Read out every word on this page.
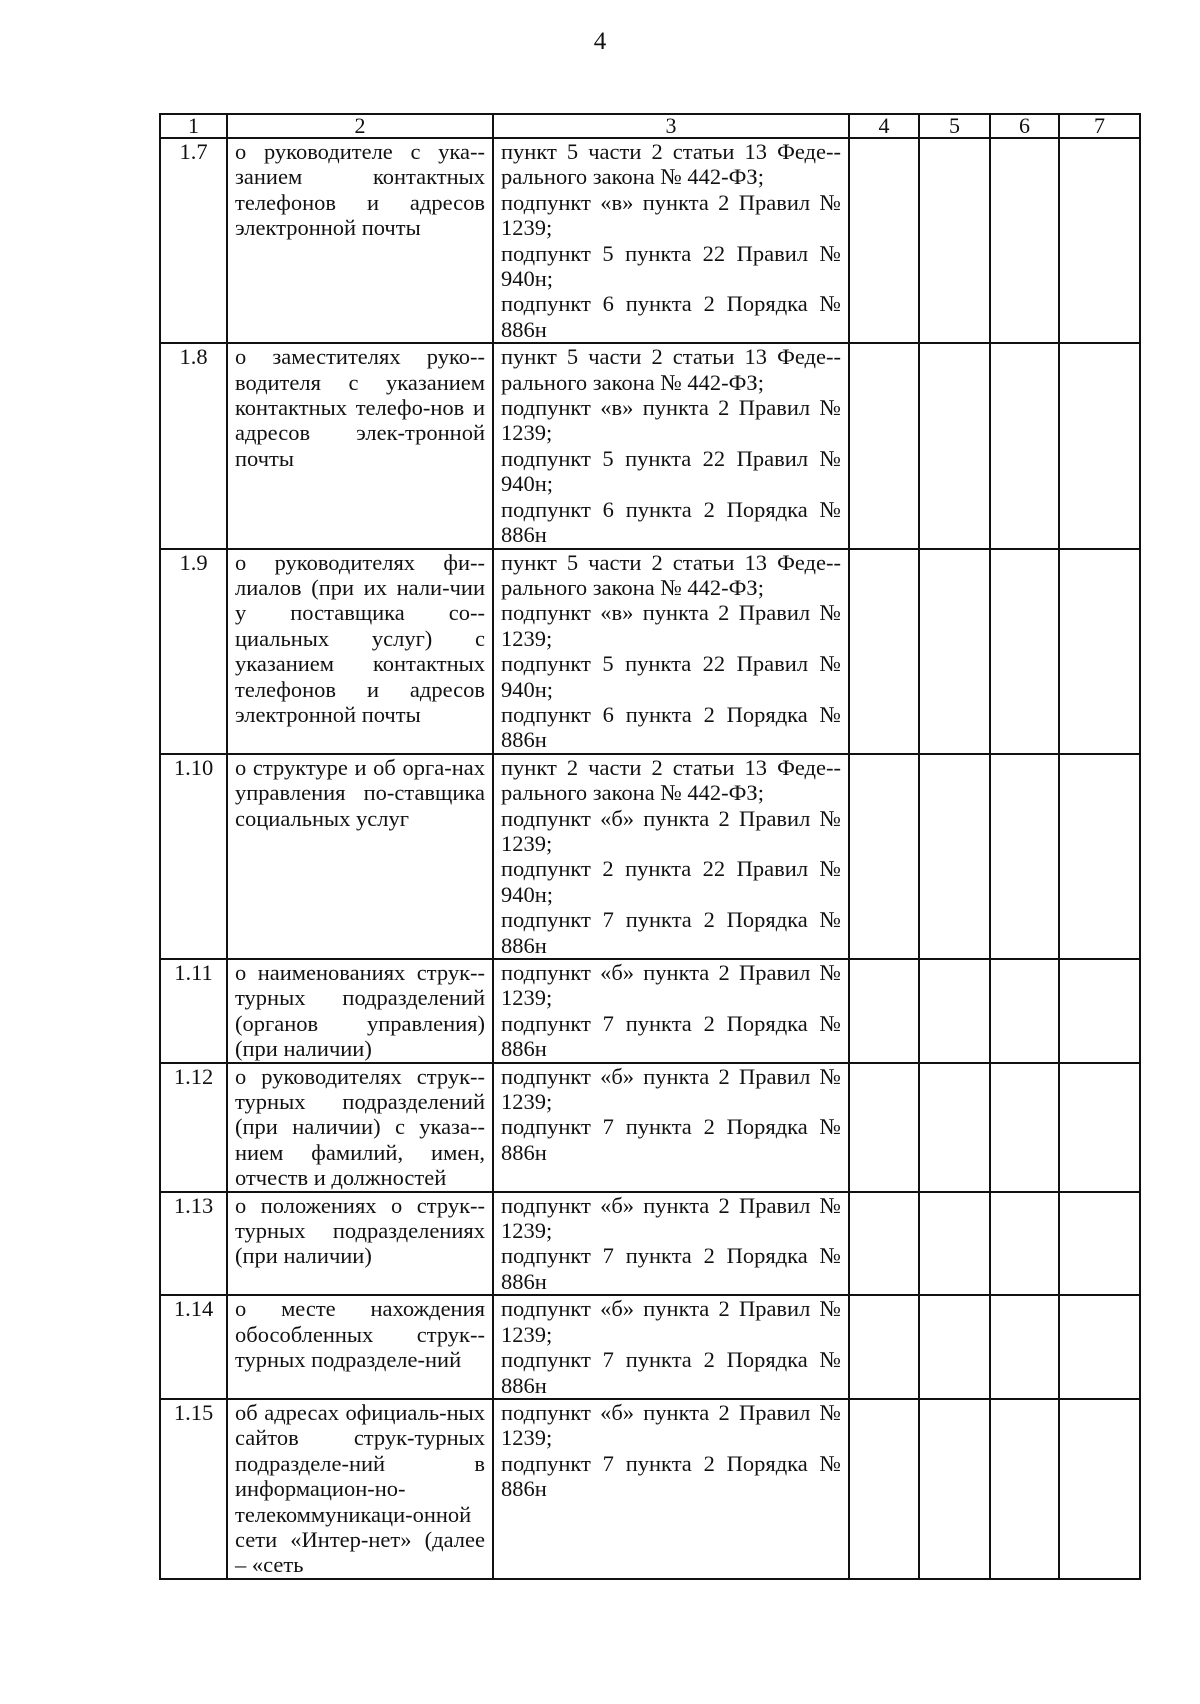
4
1	2	3	4	5	6	7
1.7	о руководителе с ука-занием контактных телефонов и адресов электронной почты	пункт 5 части 2 статьи 13 Феде-рального закона № 442-ФЗ;
подпункт «в» пункта 2 Правил № 1239;
подпункт 5 пункта 22 Правил № 940н;
подпункт 6 пункта 2 Порядка № 886н				

1.8	о заместителях руко-водителя с указанием контактных телефо-нов и адресов элек-тронной почты	пункт 5 части 2 статьи 13 Феде-рального закона № 442-ФЗ;
подпункт «в» пункта 2 Правил № 1239;
подпункт 5 пункта 22 Правил № 940н;
подпункт 6 пункта 2 Порядка № 886н				

1.9	о руководителях фи-лиалов (при их нали-чии у поставщика со-циальных услуг) с указанием контактных телефонов и адресов электронной почты	пункт 5 части 2 статьи 13 Феде-рального закона № 442-ФЗ;
подпункт «в» пункта 2 Правил № 1239;
подпункт 5 пункта 22 Правил № 940н;
подпункт 6 пункта 2 Порядка № 886н				

1.10	о структуре и об орга-нах управления по-ставщика социальных услуг	пункт 2 части 2 статьи 13 Феде-рального закона № 442-ФЗ;
подпункт «б» пункта 2 Правил № 1239;
подпункт 2 пункта 22 Правил № 940н;
подпункт 7 пункта 2 Порядка № 886н				

1.11	о наименованиях струк-турных подразделений (органов управления) (при наличии)	подпункт «б» пункта 2 Правил № 1239;
подпункт 7 пункта 2 Порядка № 886н				

1.12	о руководителях струк-турных подразделений (при наличии) с указа-нием фамилий, имен, отчеств и должностей	подпункт «б» пункта 2 Правил № 1239;
подпункт 7 пункта 2 Порядка № 886н				

1.13	о положениях о струк-турных подразделениях (при наличии)	подпункт «б» пункта 2 Правил № 1239;
подпункт 7 пункта 2 Порядка № 886н				

1.14	о месте нахождения обособленных струк-турных подразделе-ний	подпункт «б» пункта 2 Правил № 1239;
подпункт 7 пункта 2 Порядка № 886н				

1.15	об адресах официаль-ных сайтов струк-турных подразделе-ний в информацион-но-телекоммуникаци-онной сети «Интер-нет» (далее – «сеть	подпункт «б» пункта 2 Правил № 1239;
подпункт 7 пункта 2 Порядка № 886н				
